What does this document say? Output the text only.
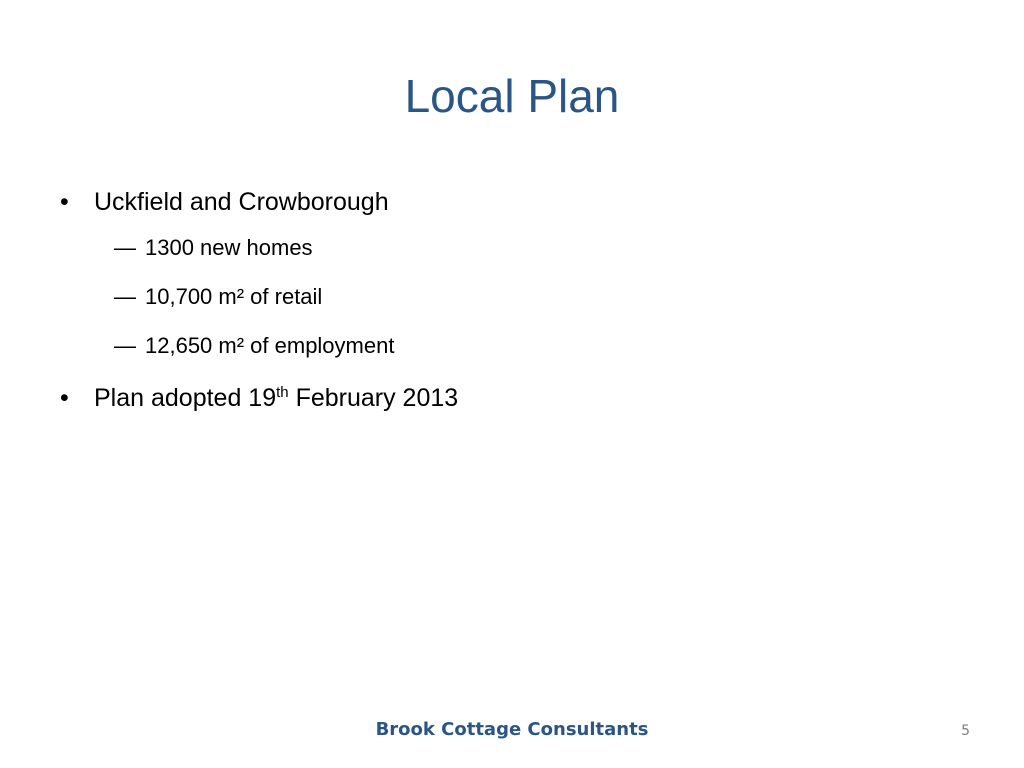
Local Plan
• Uckfield and Crowborough
— 1300 new homes
— 10,700 m² of retail
— 12,650 m² of employment
• Plan adopted 19th February 2013
Brook Cottage Consultants	5
